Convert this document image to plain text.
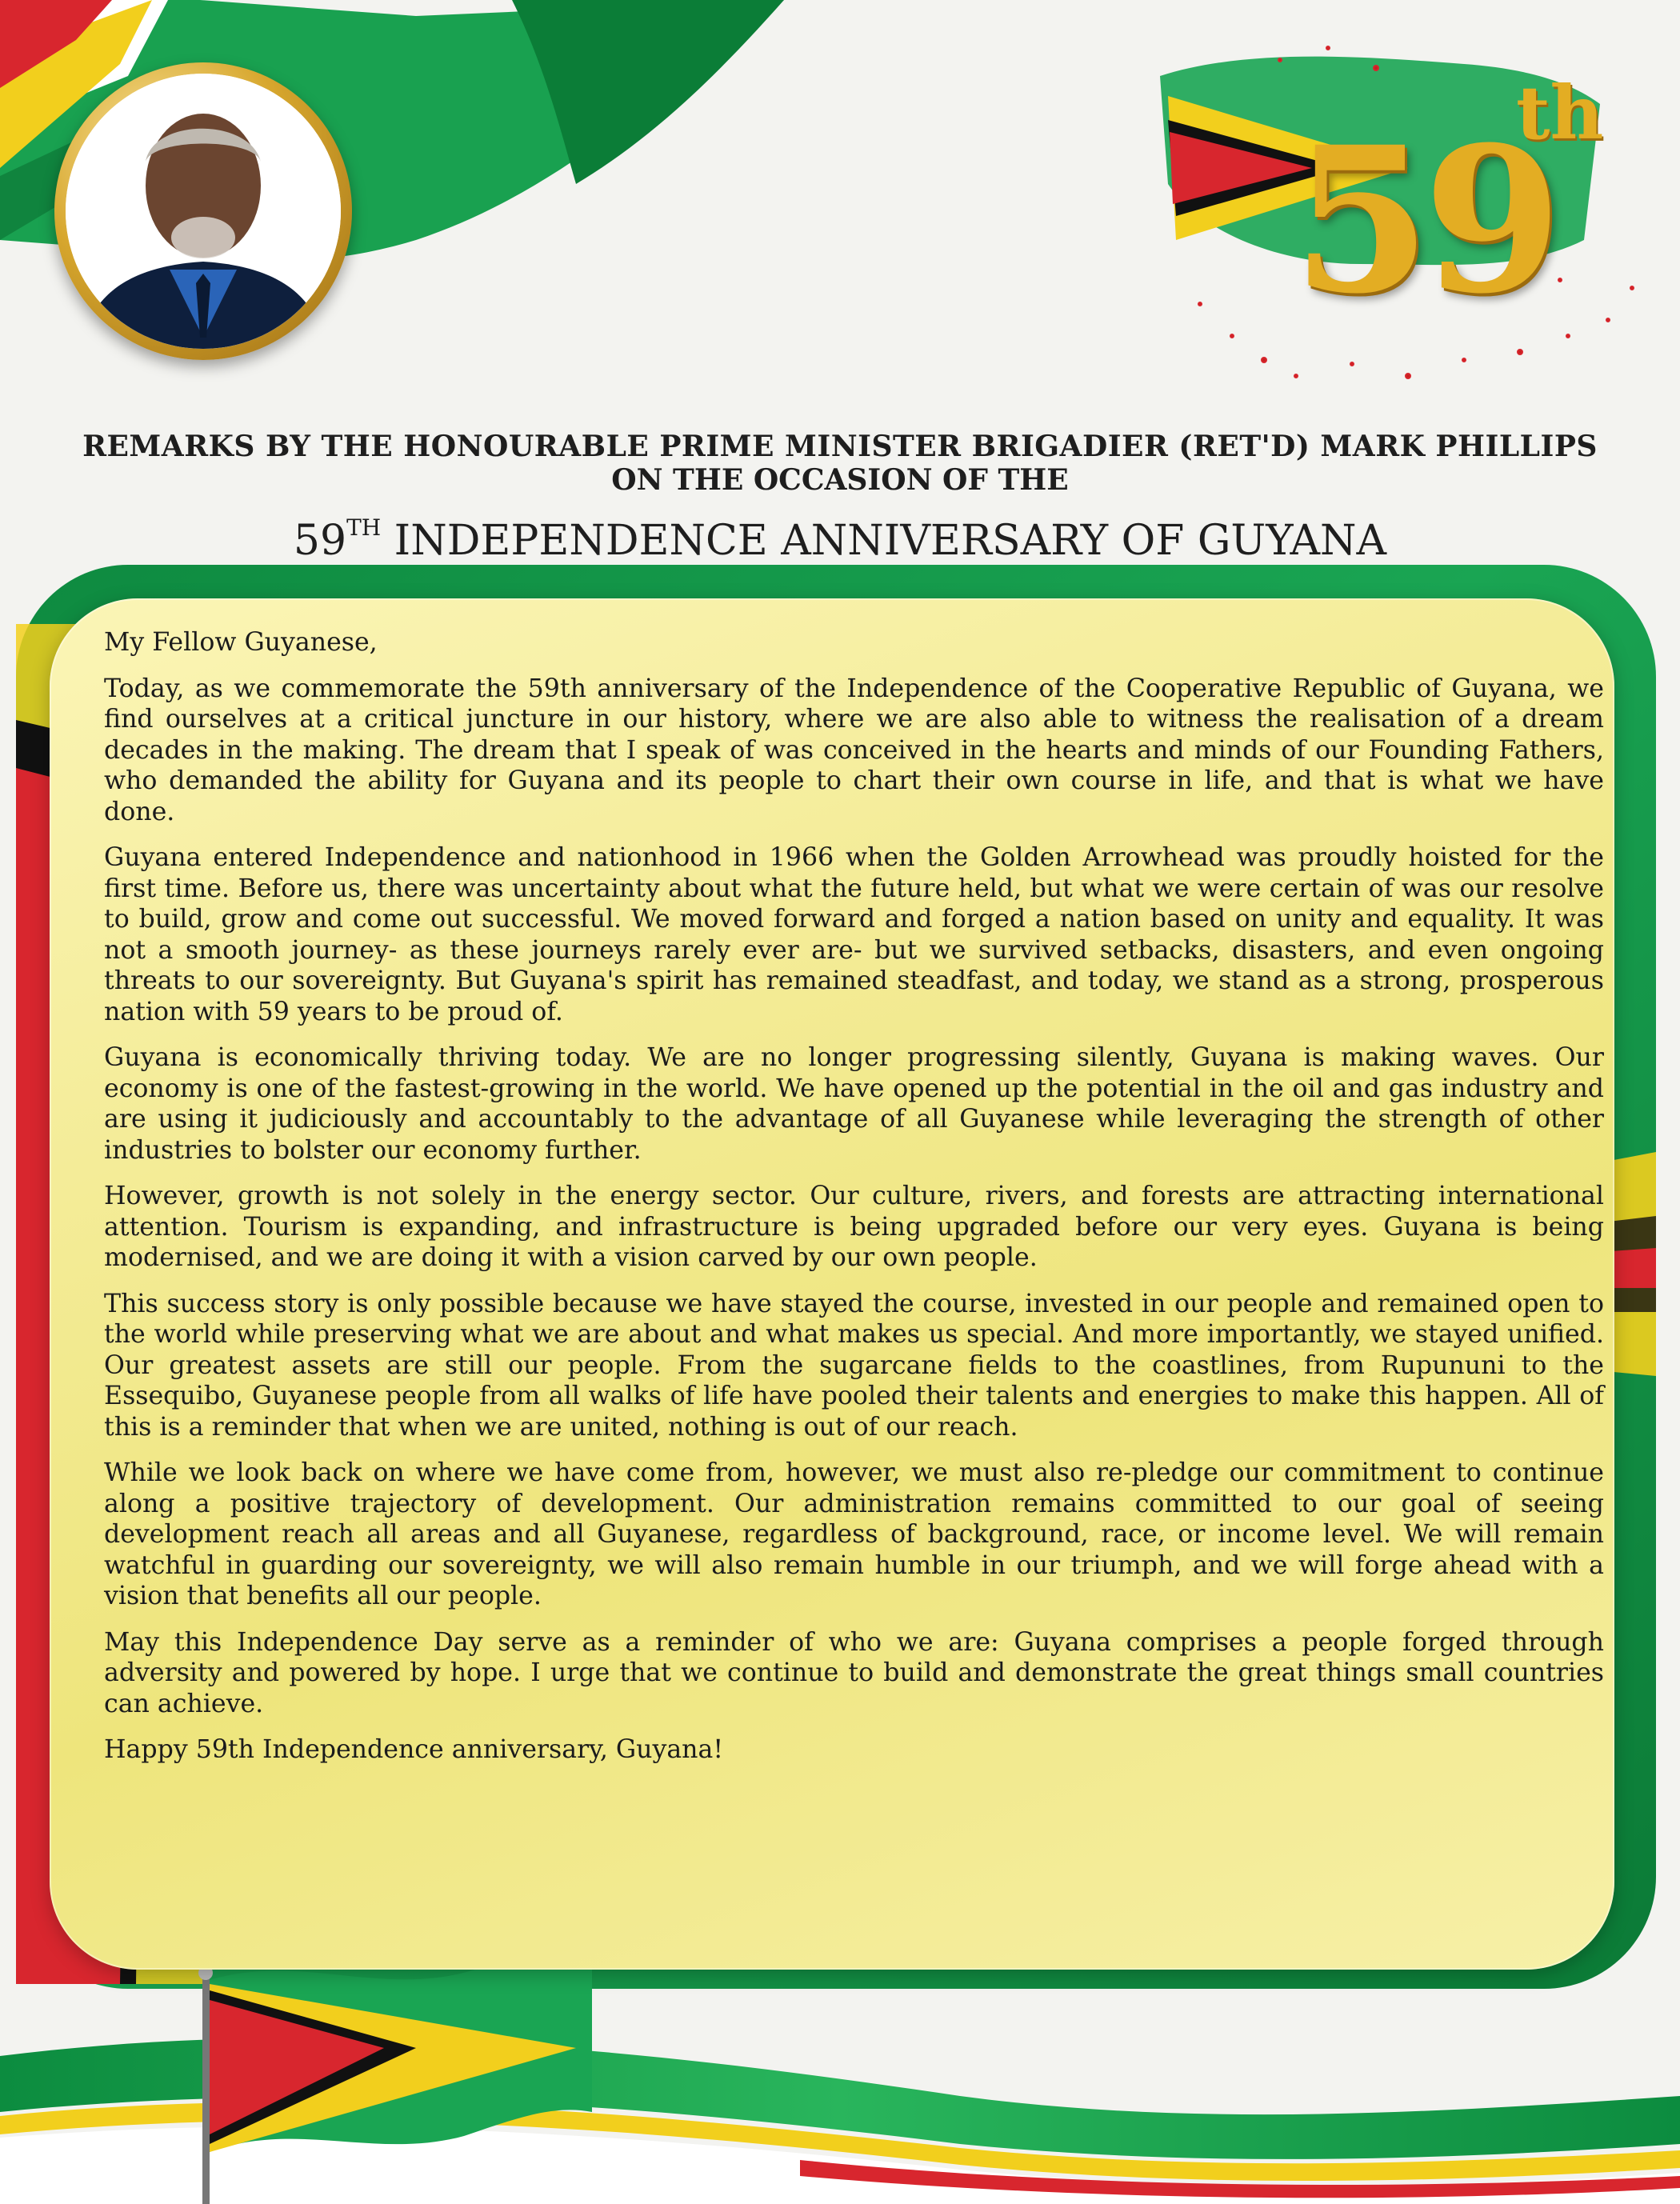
59
th
REMARKS BY THE HONOURABLE PRIME MINISTER BRIGADIER (RET'D) MARK PHILLIPS
ON THE OCCASION OF THE
59TH INDEPENDENCE ANNIVERSARY OF GUYANA

My Fellow Guyanese,

Today, as we commemorate the 59th anniversary of the Independence of the Cooperative Republic of Guyana, we find ourselves at a critical juncture in our history, where we are also able to witness the realisation of a dream decades in the making. The dream that I speak of was conceived in the hearts and minds of our Founding Fathers, who demanded the ability for Guyana and its people to chart their own course in life, and that is what we have done.

Guyana entered Independence and nationhood in 1966 when the Golden Arrowhead was proudly hoisted for the first time. Before us, there was uncertainty about what the future held, but what we were certain of was our resolve to build, grow and come out successful. We moved forward and forged a nation based on unity and equality. It was not a smooth journey- as these journeys rarely ever are- but we survived setbacks, disasters, and even ongoing threats to our sovereignty. But Guyana's spirit has remained steadfast, and today, we stand as a strong, prosperous nation with 59 years to be proud of.

Guyana is economically thriving today. We are no longer progressing silently, Guyana is making waves. Our economy is one of the fastest-growing in the world. We have opened up the potential in the oil and gas industry and are using it judiciously and accountably to the advantage of all Guyanese while leveraging the strength of other industries to bolster our economy further.

However, growth is not solely in the energy sector. Our culture, rivers, and forests are attracting international attention. Tourism is expanding, and infrastructure is being upgraded before our very eyes. Guyana is being modernised, and we are doing it with a vision carved by our own people.

This success story is only possible because we have stayed the course, invested in our people and remained open to the world while preserving what we are about and what makes us special. And more importantly, we stayed unified. Our greatest assets are still our people. From the sugarcane fields to the coastlines, from Rupununi to the Essequibo, Guyanese people from all walks of life have pooled their talents and energies to make this happen. All of this is a reminder that when we are united, nothing is out of our reach.

While we look back on where we have come from, however, we must also re-pledge our commitment to continue along a positive trajectory of development. Our administration remains committed to our goal of seeing development reach all areas and all Guyanese, regardless of background, race, or income level. We will remain watchful in guarding our sovereignty, we will also remain humble in our triumph, and we will forge ahead with a vision that benefits all our people.

May this Independence Day serve as a reminder of who we are: Guyana comprises a people forged through adversity and powered by hope. I urge that we continue to build and demonstrate the great things small countries can achieve.

Happy 59th Independence anniversary, Guyana!
